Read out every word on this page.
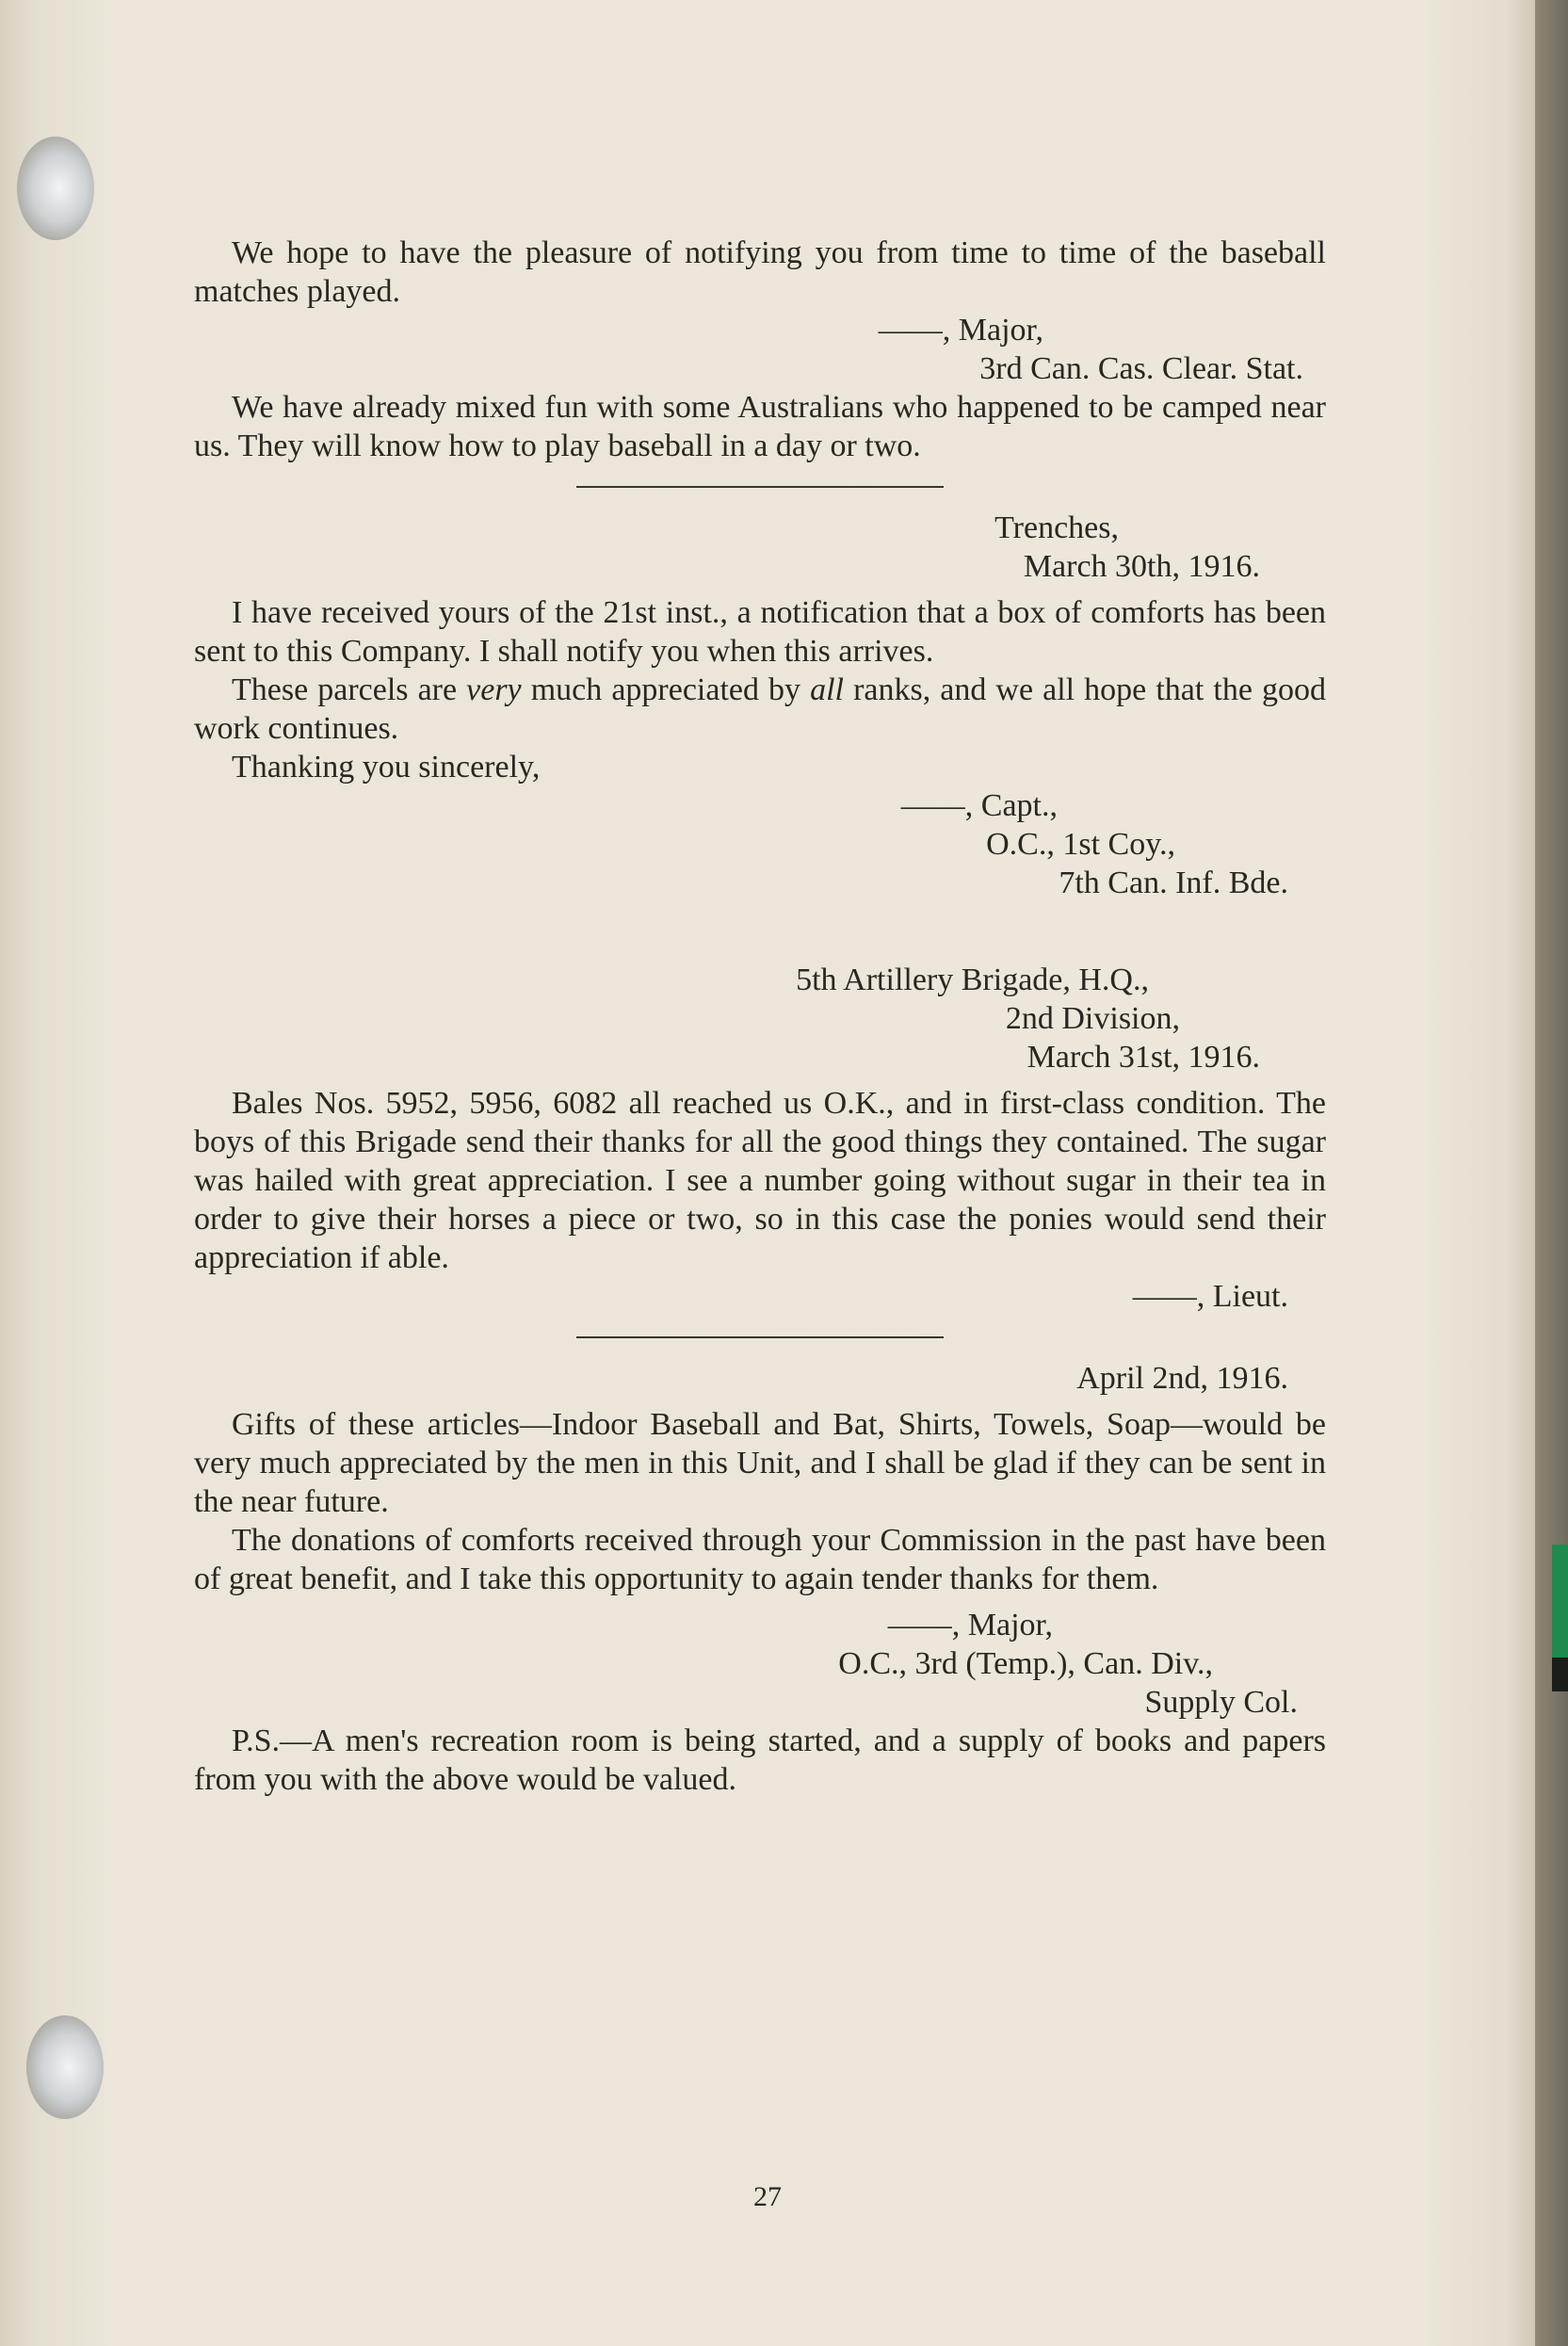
We hope to have the pleasure of notifying you from time to time of the baseball matches played.

——, Major,
3rd Can. Cas. Clear. Stat.

We have already mixed fun with some Australians who happened to be camped near us. They will know how to play baseball in a day or two.

Trenches,
March 30th, 1916.

I have received yours of the 21st inst., a notification that a box of comforts has been sent to this Company. I shall notify you when this arrives.

These parcels are very much appreciated by all ranks, and we all hope that the good work continues.

Thanking you sincerely,

——, Capt.,
O.C., 1st Coy.,
7th Can. Inf. Bde.
5th Artillery Brigade, H.Q.,
2nd Division,
March 31st, 1916.

Bales Nos. 5952, 5956, 6082 all reached us O.K., and in first-class condition. The boys of this Brigade send their thanks for all the good things they contained. The sugar was hailed with great appreciation. I see a number going without sugar in their tea in order to give their horses a piece or two, so in this case the ponies would send their appreciation if able.

——, Lieut.
April 2nd, 1916.

Gifts of these articles—Indoor Baseball and Bat, Shirts, Towels, Soap—would be very much appreciated by the men in this Unit, and I shall be glad if they can be sent in the near future.

The donations of comforts received through your Commission in the past have been of great benefit, and I take this opportunity to again tender thanks for them.

——, Major,
O.C., 3rd (Temp.), Can. Div.,
Supply Col.

P.S.—A men's recreation room is being started, and a supply of books and papers from you with the above would be valued.

27
